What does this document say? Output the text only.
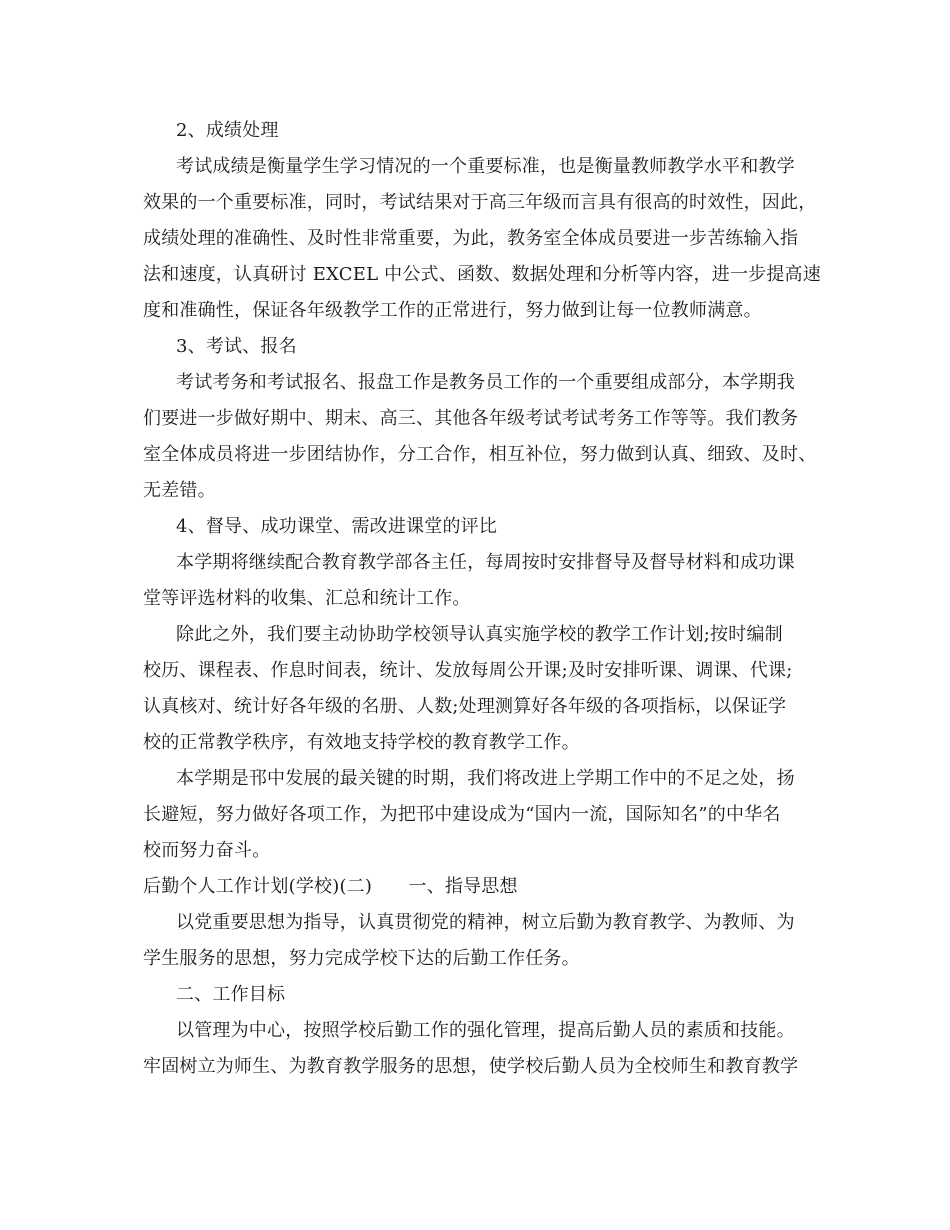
2、成绩处理
考试成绩是衡量学生学习情况的一个重要标准，也是衡量教师教学水平和教学
效果的一个重要标准，同时，考试结果对于高三年级而言具有很高的时效性，因此，
成绩处理的准确性、及时性非常重要，为此，教务室全体成员要进一步苦练输入指
法和速度，认真研讨 EXCEL 中公式、函数、数据处理和分析等内容，进一步提高速
度和准确性，保证各年级教学工作的正常进行，努力做到让每一位教师满意。
3、考试、报名
考试考务和考试报名、报盘工作是教务员工作的一个重要组成部分，本学期我
们要进一步做好期中、期末、高三、其他各年级考试考试考务工作等等。我们教务
室全体成员将进一步团结协作，分工合作，相互补位，努力做到认真、细致、及时、
无差错。
4、督导、成功课堂、需改进课堂的评比
本学期将继续配合教育教学部各主任，每周按时安排督导及督导材料和成功课
堂等评选材料的收集、汇总和统计工作。
除此之外，我们要主动协助学校领导认真实施学校的教学工作计划;按时编制
校历、课程表、作息时间表，统计、发放每周公开课;及时安排听课、调课、代课;
认真核对、统计好各年级的名册、人数;处理测算好各年级的各项指标，以保证学
校的正常教学秩序，有效地支持学校的教育教学工作。
本学期是邗中发展的最关键的时期，我们将改进上学期工作中的不足之处，扬
长避短，努力做好各项工作，为把邗中建设成为“国内一流，国际知名”的中华名
校而努力奋斗。
后勤个人工作计划(学校)(二)　　一、指导思想
以党重要思想为指导，认真贯彻党的精神，树立后勤为教育教学、为教师、为
学生服务的思想，努力完成学校下达的后勤工作任务。
二、工作目标
以管理为中心，按照学校后勤工作的强化管理，提高后勤人员的素质和技能。
牢固树立为师生、为教育教学服务的思想，使学校后勤人员为全校师生和教育教学
